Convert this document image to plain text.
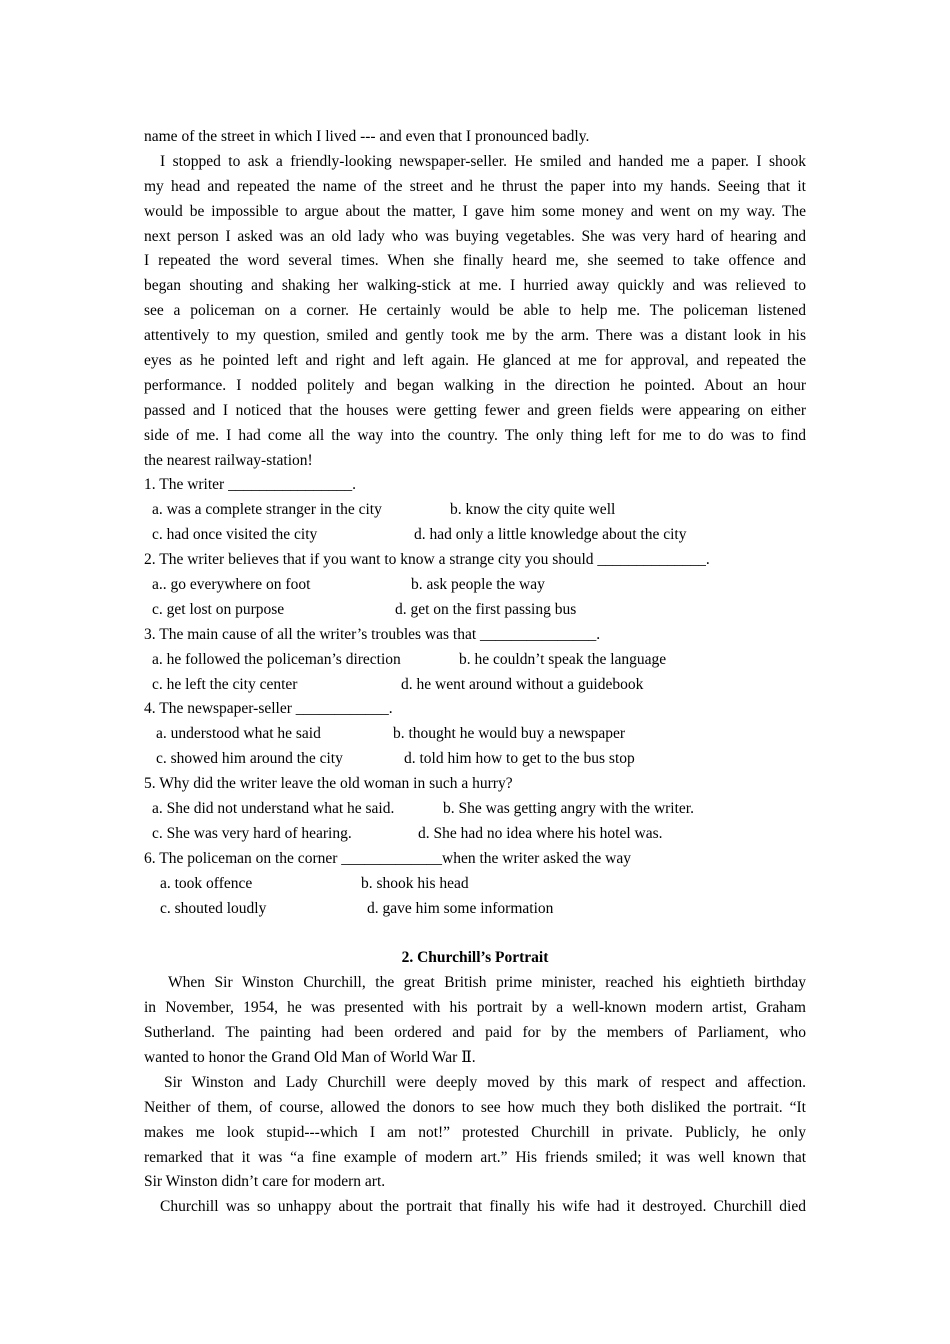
name of the street in which I lived --- and even that I pronounced badly.
I stopped to ask a friendly-looking newspaper-seller. He smiled and handed me a paper. I shook
my head and repeated the name of the street and he thrust the paper into my hands. Seeing that it
would be impossible to argue about the matter, I gave him some money and went on my way. The
next person I asked was an old lady who was buying vegetables. She was very hard of hearing and
I repeated the word several times. When she finally heard me, she seemed to take offence and
began shouting and shaking her walking-stick at me. I hurried away quickly and was relieved to
see a policeman on a corner. He certainly would be able to help me. The policeman listened
attentively to my question, smiled and gently took me by the arm. There was a distant look in his
eyes as he pointed left and right and left again. He glanced at me for approval, and repeated the
performance. I nodded politely and began walking in the direction he pointed. About an hour
passed and I noticed that the houses were getting fewer and green fields were appearing on either
side of me. I had come all the way into the country. The only thing left for me to do was to find
the nearest railway-station!
1. The writer ________________.
a. was a complete stranger in the city	b. know the city quite well
c. had once visited the city	d. had only a little knowledge about the city
2. The writer believes that if you want to know a strange city you should ______________.
a.. go everywhere on foot	b. ask people the way
c. get lost on purpose	d. get on the first passing bus
3. The main cause of all the writer’s troubles was that _______________.
a. he followed the policeman’s direction	b. he couldn’t speak the language
c. he left the city center	d. he went around without a guidebook
4. The newspaper-seller ____________.
a. understood what he said	b. thought he would buy a newspaper
c. showed him around the city	d. told him how to get to the bus stop
5. Why did the writer leave the old woman in such a hurry?
a. She did not understand what he said.	b. She was getting angry with the writer.
c. She was very hard of hearing.	d. She had no idea where his hotel was.
6. The policeman on the corner _____________when the writer asked the way
a. took offence	b. shook his head
c. shouted loudly	d. gave him some information
2. Churchill’s Portrait
When Sir Winston Churchill, the great British prime minister, reached his eightieth birthday
in November, 1954, he was presented with his portrait by a well-known modern artist, Graham
Sutherland. The painting had been ordered and paid for by the members of Parliament, who
wanted to honor the Grand Old Man of World War Ⅱ.
Sir Winston and Lady Churchill were deeply moved by this mark of respect and affection.
Neither of them, of course, allowed the donors to see how much they both disliked the portrait. “It
makes me look stupid---which I am not!” protested Churchill in private. Publicly, he only
remarked that it was “a fine example of modern art.” His friends smiled; it was well known that
Sir Winston didn’t care for modern art.
Churchill was so unhappy about the portrait that finally his wife had it destroyed. Churchill died
